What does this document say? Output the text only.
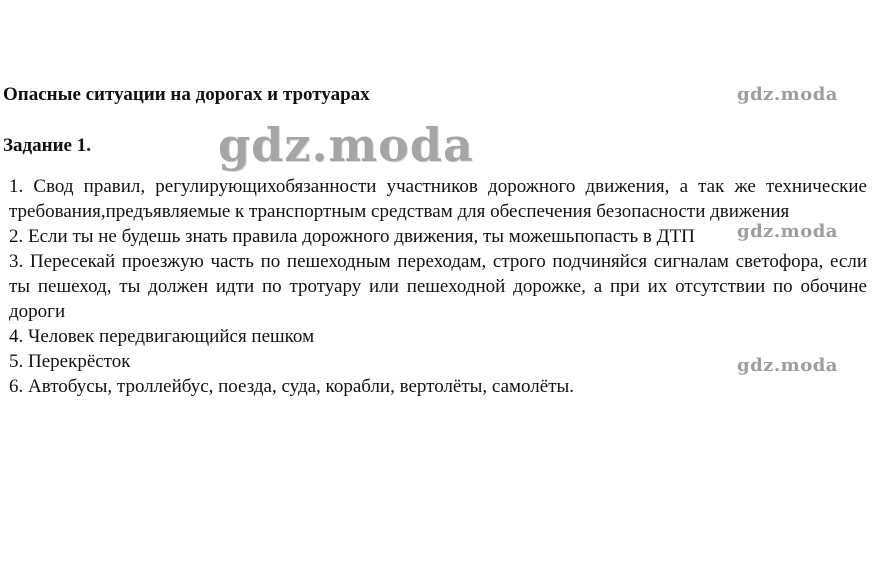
Опасные ситуации на дорогах и тротуарах
Задание 1.
1. Свод правил, регулирующихобязанности участников дорожного движения, а так же технические требования,предъявляемые к транспортным средствам для обеспечения безопасности движения
2. Если ты не будешь знать правила дорожного движения, ты можешьпопасть в ДТП
3. Пересекай проезжую часть по пешеходным переходам, строго подчиняйся сигналам светофора, если ты пешеход, ты должен идти по тротуару или пешеходной дорожке, а при их отсутствии по обочине дороги
4. Человек передвигающийся пешком
5. Перекрёсток
6. Автобусы, троллейбус, поезда, суда, корабли, вертолёты, самолёты.
gdz.moda
gdz.moda
gdz.moda
gdz.moda
